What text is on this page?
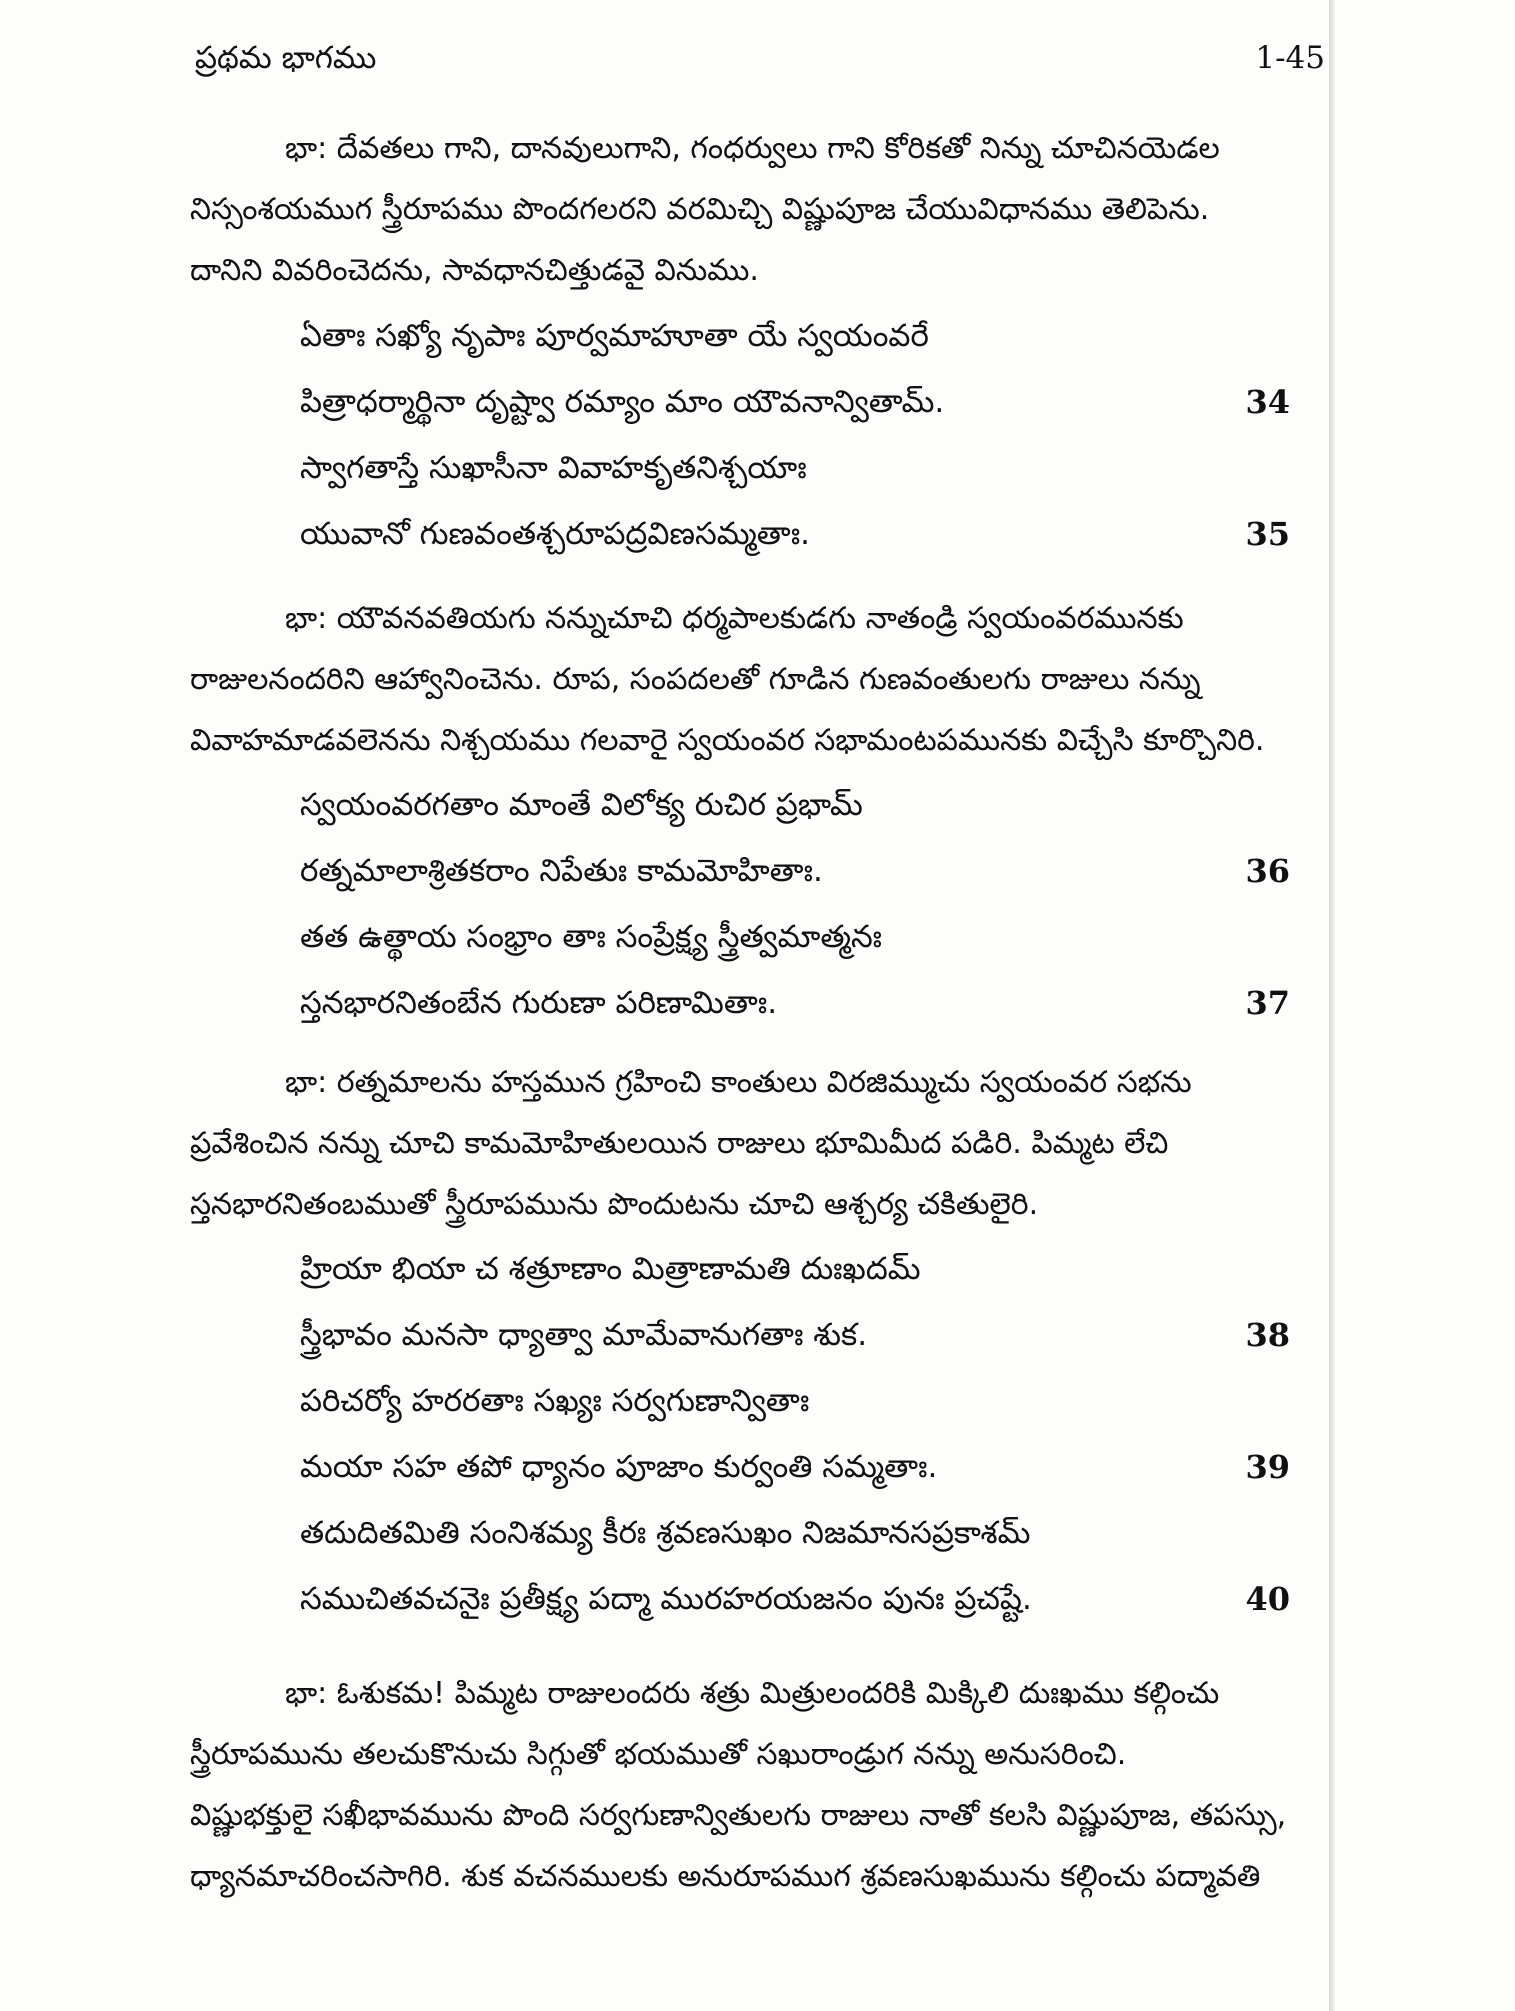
ప్రథమ భాగము	1-45
భా: దేవతలు గాని, దానవులుగాని, గంధర్వులు గాని కోరికతో నిన్ను చూచినయెడల
నిస్సంశయముగ స్త్రీరూపము పొందగలరని వరమిచ్చి విష్ణుపూజ చేయువిధానము తెలిపెను.
దానిని వివరించెదను, సావధానచిత్తుడవై వినుము.
ఏతాః సఖ్యో నృపాః పూర్వమాహూతా యే స్వయంవరే
పిత్రాధర్మార్థినా దృష్ట్వా రమ్యాం మాం యౌవనాన్వితామ్.	34
స్వాగతాస్తే సుఖాసీనా వివాహకృతనిశ్చయాః
యువానో గుణవంతశ్చరూపద్రవిణసమ్మతాః.	35
భా: యౌవనవతియగు నన్నుచూచి ధర్మపాలకుడగు నాతండ్రి స్వయంవరమునకు
రాజులనందరిని ఆహ్వానించెను. రూప, సంపదలతో గూడిన గుణవంతులగు రాజులు నన్ను
వివాహమాడవలెనను నిశ్చయము గలవారై స్వయంవర సభామంటపమునకు విచ్చేసి కూర్చొనిరి.
స్వయంవరగతాం మాంతే విలోక్య రుచిర ప్రభామ్
రత్నమాలాశ్రితకరాం నిపేతుః కామమోహితాః.	36
తత ఉత్థాయ సంభ్రాం తాః సంప్రేక్ష్య స్త్రీత్వమాత్మనః
స్తనభారనితంబేన గురుణా పరిణామితాః.	37
భా: రత్నమాలను హస్తమున గ్రహించి కాంతులు విరజిమ్ముచు స్వయంవర సభను
ప్రవేశించిన నన్ను చూచి కామమోహితులయిన రాజులు భూమిమీద పడిరి. పిమ్మట లేచి
స్తనభారనితంబముతో స్త్రీరూపమును పొందుటను చూచి ఆశ్చర్య చకితులైరి.
హ్రియా భియా చ శత్రూణాం మిత్రాణామతి దుఃఖదమ్
స్త్రీభావం మనసా ధ్యాత్వా మామేవానుగతాః శుక.	38
పరిచర్యో హరరతాః సఖ్యః సర్వగుణాన్వితాః
మయా సహ తపో ధ్యానం పూజాం కుర్వంతి సమ్మతాః.	39
తదుదితమితి సంనిశమ్య కీరః శ్రవణసుఖం నిజమానసప్రకాశమ్
సముచితవచనైః ప్రతీక్ష్య పద్మా మురహరయజనం పునః ప్రచష్టే.	40
భా: ఓశుకమ! పిమ్మట రాజులందరు శత్రు మిత్రులందరికి మిక్కిలి దుఃఖము కల్గించు
స్త్రీరూపమును తలచుకొనుచు సిగ్గుతో భయముతో సఖురాండ్రుగ నన్ను అనుసరించి.
విష్ణుభక్తులై సఖీభావమును పొంది సర్వగుణాన్వితులగు రాజులు నాతో కలసి విష్ణుపూజ, తపస్సు,
ధ్యానమాచరించసాగిరి. శుక వచనములకు అనురూపముగ శ్రవణసుఖమును కల్గించు పద్మావతి
